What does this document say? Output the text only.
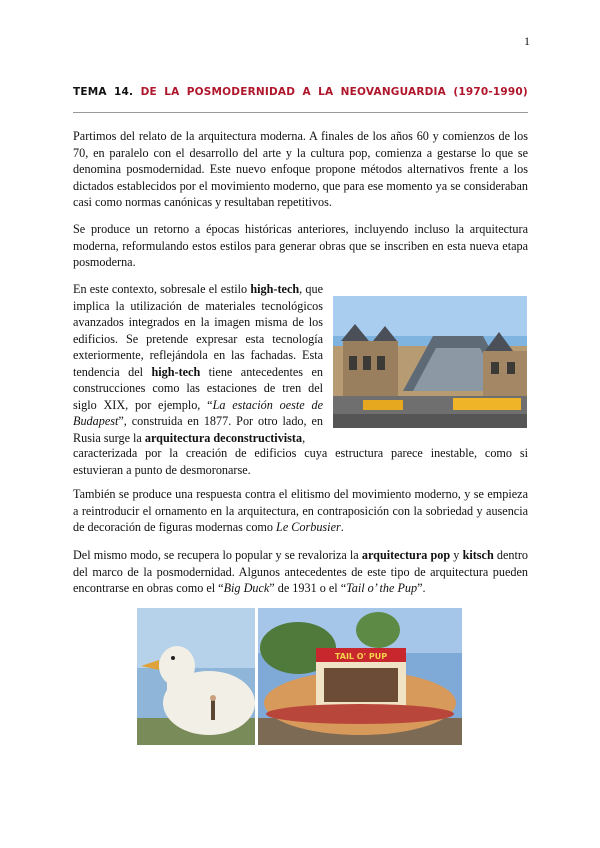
1
TEMA 14. DE LA POSMODERNIDAD A LA NEOVANGUARDIA (1970-1990)

Partimos del relato de la arquitectura moderna. A finales de los años 60 y comienzos de los 70, en paralelo con el desarrollo del arte y la cultura pop, comienza a gestarse lo que se denomina posmodernidad. Este nuevo enfoque propone métodos alternativos frente a los dictados establecidos por el movimiento moderno, que para ese momento ya se consideraban casi como normas canónicas y resultaban repetitivos.

Se produce un retorno a épocas históricas anteriores, incluyendo incluso la arquitectura moderna, reformulando estos estilos para generar obras que se inscriben en esta nueva etapa posmoderna.

En este contexto, sobresale el estilo high-tech, que implica la utilización de materiales tecnológicos avanzados integrados en la imagen misma de los edificios. Se pretende expresar esta tecnología exteriormente, reflejándola en las fachadas. Esta tendencia del high-tech tiene antecedentes en construcciones como las estaciones de tren del siglo XIX, por ejemplo, “La estación oeste de Budapest”, construida en 1877. Por otro lado, en Rusia surge la arquitectura deconstructivista,

caracterizada por la creación de edificios cuya estructura parece inestable, como si estuvieran a punto de desmoronarse.

También se produce una respuesta contra el elitismo del movimiento moderno, y se empieza a reintroducir el ornamento en la arquitectura, en contraposición con la sobriedad y ausencia de decoración de figuras modernas como Le Corbusier.

Del mismo modo, se recupera lo popular y se revaloriza la arquitectura pop y kitsch dentro del marco de la posmodernidad. Algunos antecedentes de este tipo de arquitectura pueden encontrarse en obras como el “Big Duck” de 1931 o el “Tail o’ the Pup”.

TAIL O' PUP
